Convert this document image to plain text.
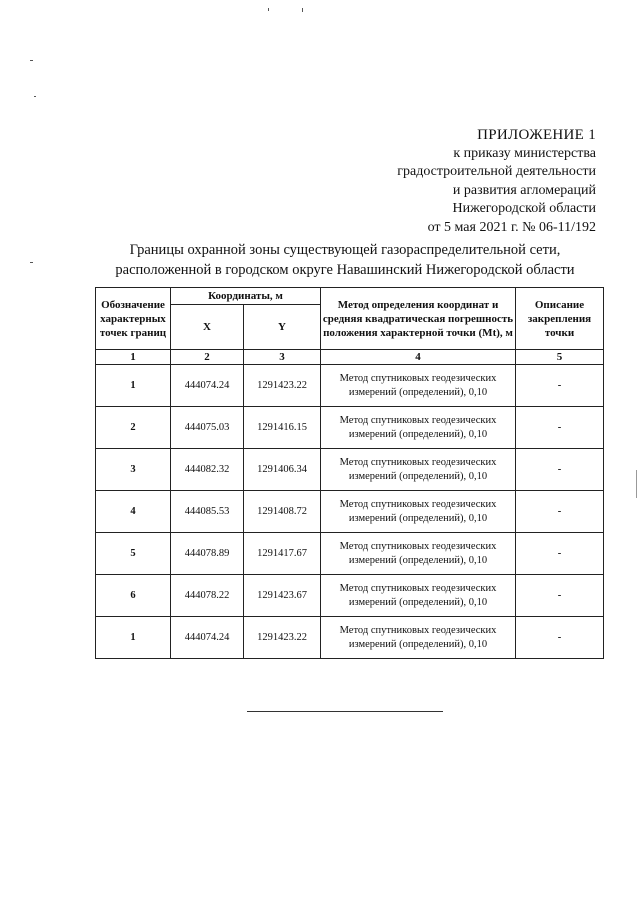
ПРИЛОЖЕНИЕ 1
к приказу министерства
градостроительной деятельности
и развития агломераций
Нижегородской области
от 5 мая 2021 г. № 06-11/192
Границы охранной зоны существующей газораспределительной сети,
расположенной в городском округе Навашинский Нижегородской области
Обозначение характерных точек границ	Координаты, м		Метод определения координат и средняя квадратическая погрешность положения характерной точки (Mt), м	Описание закрепления точки
	X	Y		
1	2	3	4	5
1	444074.24	1291423.22	Метод спутниковых геодезических измерений (определений), 0,10	-
2	444075.03	1291416.15	Метод спутниковых геодезических измерений (определений), 0,10	-
3	444082.32	1291406.34	Метод спутниковых геодезических измерений (определений), 0,10	-
4	444085.53	1291408.72	Метод спутниковых геодезических измерений (определений), 0,10	-
5	444078.89	1291417.67	Метод спутниковых геодезических измерений (определений), 0,10	-
6	444078.22	1291423.67	Метод спутниковых геодезических измерений (определений), 0,10	-
1	444074.24	1291423.22	Метод спутниковых геодезических измерений (определений), 0,10	-
